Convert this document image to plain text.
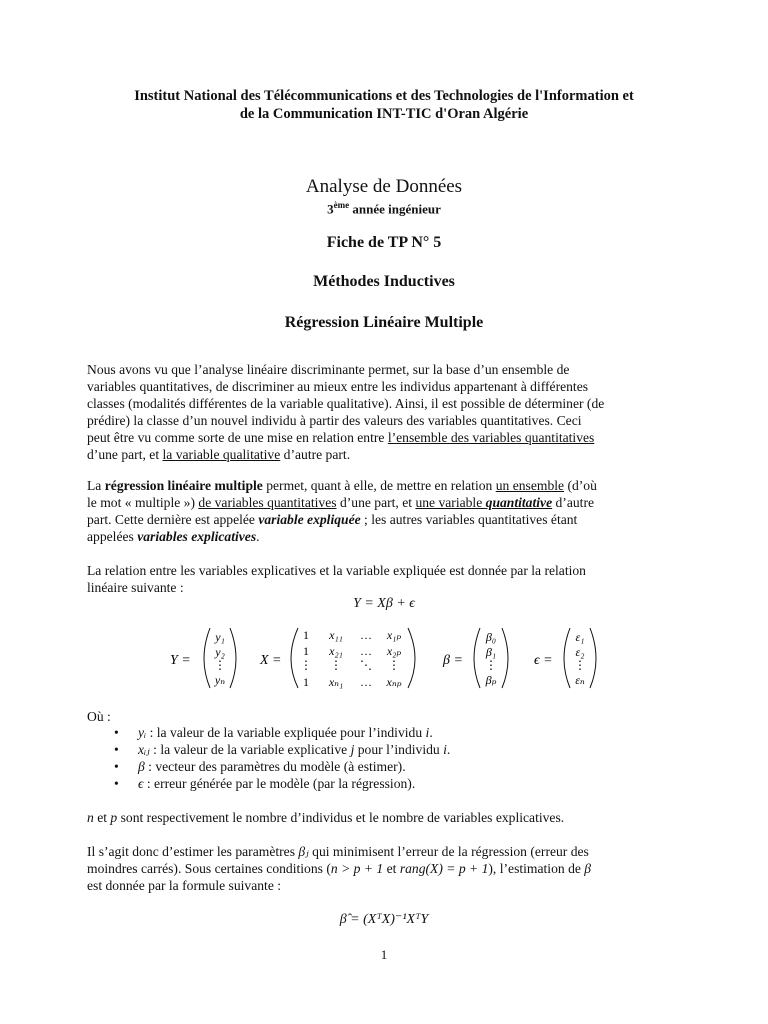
Institut National des Télécommunications et des Technologies de l'Information et
de la Communication INT-TIC d'Oran Algérie
Analyse de Données
3ème année ingénieur
Fiche de TP N° 5
Méthodes Inductives
Régression Linéaire Multiple
Nous avons vu que l’analyse linéaire discriminante permet, sur la base d’un ensemble de
variables quantitatives, de discriminer au mieux entre les individus appartenant à différentes
classes (modalités différentes de la variable qualitative). Ainsi, il est possible de déterminer (de
prédire) la classe d’un nouvel individu à partir des valeurs des variables quantitatives. Ceci
peut être vu comme sorte de une mise en relation entre l’ensemble des variables quantitatives
d’une part, et la variable qualitative d’autre part.
La régression linéaire multiple permet, quant à elle, de mettre en relation un ensemble (d’où
le mot « multiple ») de variables quantitatives d’une part, et une variable quantitative d’autre
part. Cette dernière est appelée variable expliquée ; les autres variables quantitatives étant
appelées variables explicatives.
La relation entre les variables explicatives et la variable expliquée est donnée par la relation
linéaire suivante :
Y = Xβ + ϵ
Y =
y₁
y₂
⋮
yₙ
X =
1 x₁₁ … x₁ₚ
1 x₂₁ … x₂ₚ
⋮ ⋮ ⋱ ⋮
1 xₙ₁ … xₙₚ
β =
β₀
β₁
⋮
βₚ
ϵ =
ε₁
ε₂
⋮
εₙ
Où :
• yᵢ : la valeur de la variable expliquée pour l’individu i.
• xᵢⱼ : la valeur de la variable explicative j pour l’individu i.
• β : vecteur des paramètres du modèle (à estimer).
• ϵ : erreur générée par le modèle (par la régression).
n et p sont respectivement le nombre d’individus et le nombre de variables explicatives.
Il s’agit donc d’estimer les paramètres βⱼ qui minimisent l’erreur de la régression (erreur des
moindres carrés). Sous certaines conditions (n > p + 1 et rang(X) = p + 1), l’estimation de β
est donnée par la formule suivante :
β̂ = (XᵀX)⁻¹XᵀY
1
